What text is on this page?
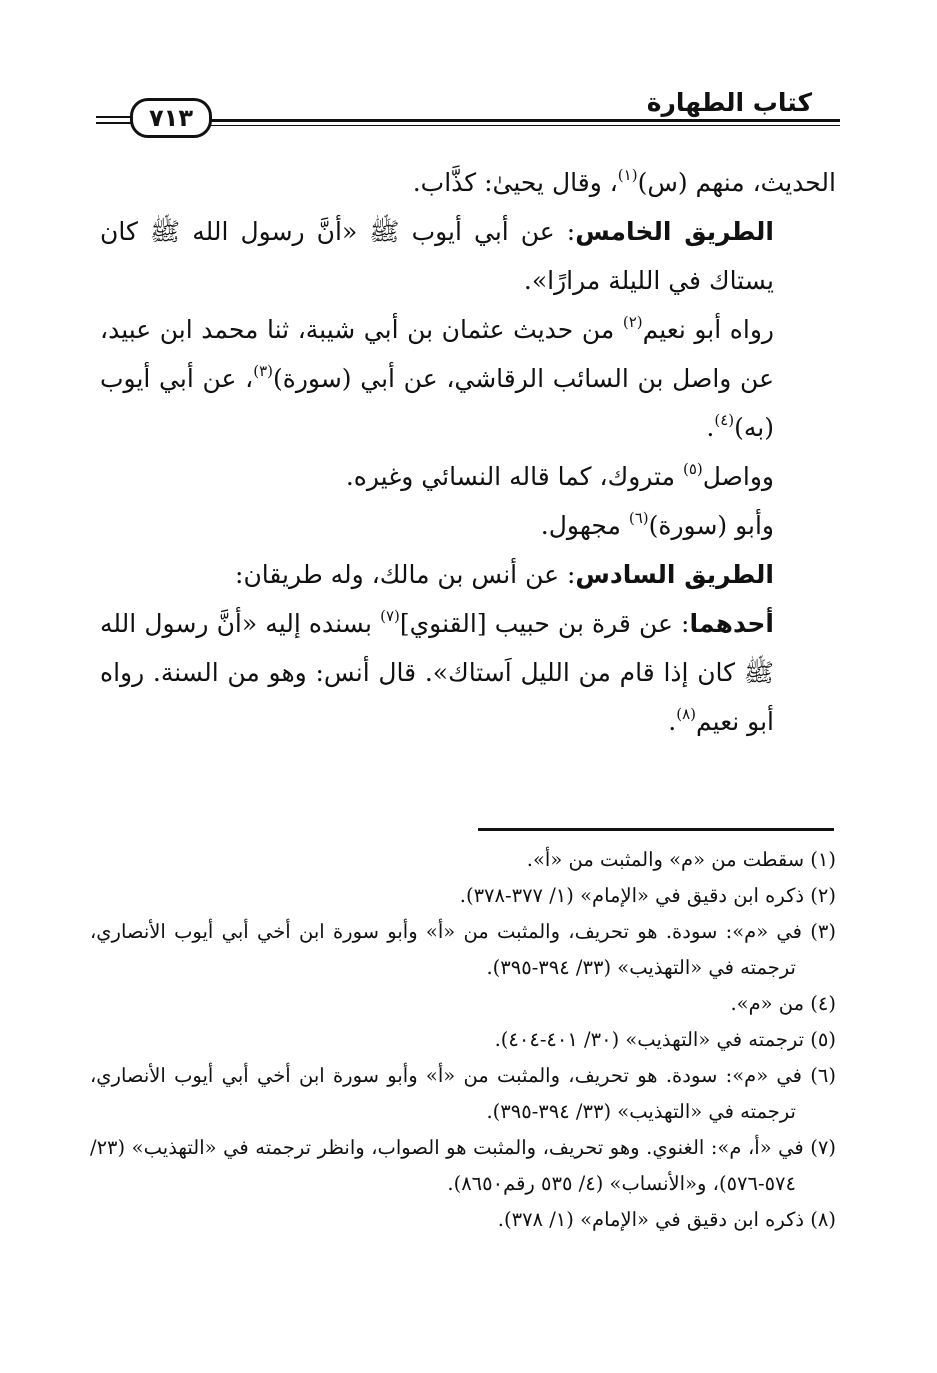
٧١٣
كتاب الطهارة

الحديث، منهم (س)$^{(١)}$، وقال يحيىٰ: كذَّاب.

الطريق الخامس: عن أبي أيوب ﷺ «أنَّ رسول الله ﷺ كان يستاك في الليلة مرارًا».

رواه أبو نعيم$^{(٢)}$ من حديث عثمان بن أبي شيبة، ثنا محمد ابن عبيد، عن واصل بن السائب الرقاشي، عن أبي (سورة)$^{(٣)}$، عن أبي أيوب (به)$^{(٤)}$.

وواصل$^{(٥)}$ متروك، كما قاله النسائي وغيره.

وأبو (سورة)$^{(٦)}$ مجهول.

الطريق السادس: عن أنس بن مالك، وله طريقان:

أحدهما: عن قرة بن حبيب [القنوي]$^{(٧)}$ بسنده إليه «أنَّ رسول الله ﷺ كان إذا قام من الليل اَستاك». قال أنس: وهو من السنة. رواه أبو نعيم$^{(٨)}$.

(١) سقطت من «م» والمثبت من «أ».

(٢) ذكره ابن دقيق في «الإمام» (١/ ٣٧٧-٣٧٨).

(٣) في «م»: سودة. هو تحريف، والمثبت من «أ» وأبو سورة ابن أخي أبي أيوب الأنصاري، ترجمته في «التهذيب» (٣٣/ ٣٩٤-٣٩٥).

(٤) من «م».

(٥) ترجمته في «التهذيب» (٣٠/ ٤٠١-٤٠٤).

(٦) في «م»: سودة. هو تحريف، والمثبت من «أ» وأبو سورة ابن أخي أبي أيوب الأنصاري، ترجمته في «التهذيب» (٣٣/ ٣٩٤-٣٩٥).

(٧) في «أ، م»: الغنوي. وهو تحريف، والمثبت هو الصواب، وانظر ترجمته في «التهذيب» (٢٣/ ٥٧٤-٥٧٦)، و«الأنساب» (٤/ ٥٣٥ رقم٨٦٥٠).

(٨) ذكره ابن دقيق في «الإمام» (١/ ٣٧٨).
